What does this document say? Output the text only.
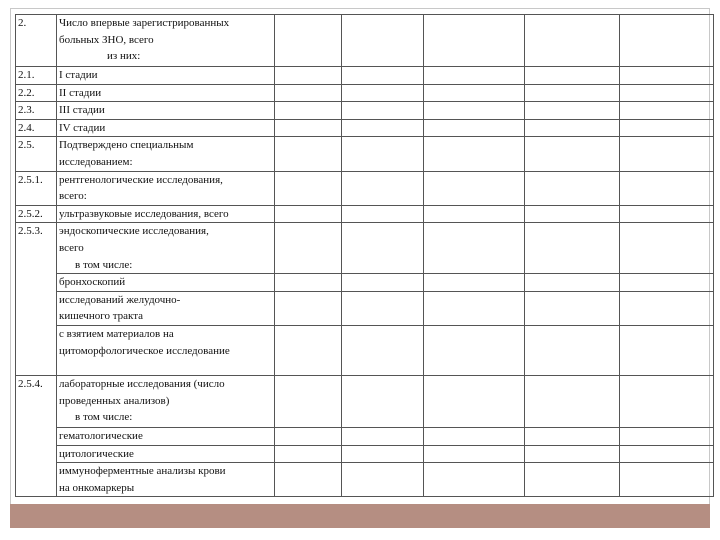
2.	Число впервые зарегистрированных
больных ЗНО, всего
из них:					

2.1.	I стадии					

2.2.	II стадии					

2.3.	III стадии					

2.4.	IV стадии					

2.5.	Подтверждено специальным
исследованием:					

2.5.1.	рентгенологические исследования,
всего:					

2.5.2.	ультразвуковые исследования, всего					

2.5.3.	эндоскопические исследования,
всего
в том числе:					

	бронхоскопий					

	исследований желудочно-
кишечного тракта					

	с взятием материалов на
цитоморфологическое исследование					

2.5.4.	лабораторные исследования (число
проведенных анализов)
в том числе:					

	гематологические					

	цитологические					

	иммуноферментные анализы крови
на онкомаркеры					
